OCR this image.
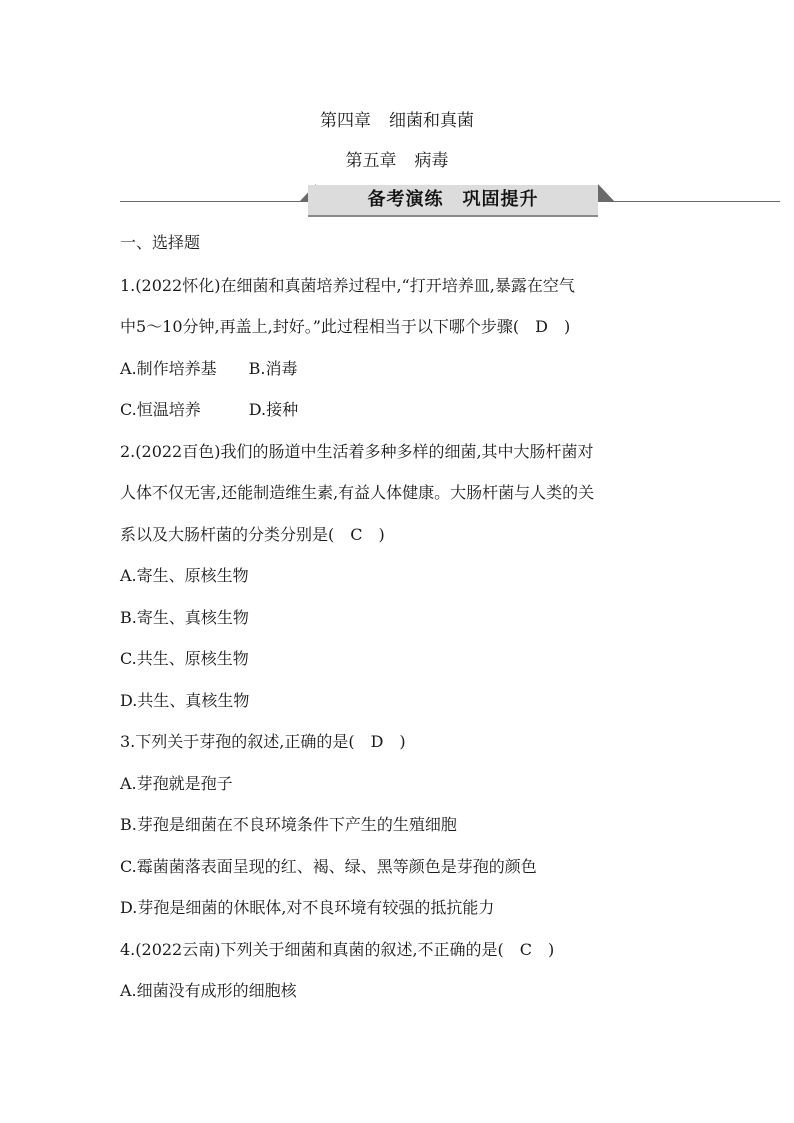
第四章 细菌和真菌
第五章 病毒
备考演练　巩固提升
一、选择题
1.(2022怀化)在细菌和真菌培养过程中,“打开培养皿,暴露在空气
中5～10分钟,再盖上,封好。”此过程相当于以下哪个步骤(　D　)
A.制作培养基　　B.消毒
C.恒温培养　　　D.接种
2.(2022百色)我们的肠道中生活着多种多样的细菌,其中大肠杆菌对
人体不仅无害,还能制造维生素,有益人体健康。大肠杆菌与人类的关
系以及大肠杆菌的分类分别是(　C　)
A.寄生、原核生物
B.寄生、真核生物
C.共生、原核生物
D.共生、真核生物
3.下列关于芽孢的叙述,正确的是(　D　)
A.芽孢就是孢子
B.芽孢是细菌在不良环境条件下产生的生殖细胞
C.霉菌菌落表面呈现的红、褐、绿、黑等颜色是芽孢的颜色
D.芽孢是细菌的休眠体,对不良环境有较强的抵抗能力
4.(2022云南)下列关于细菌和真菌的叙述,不正确的是(　C　)
A.细菌没有成形的细胞核
